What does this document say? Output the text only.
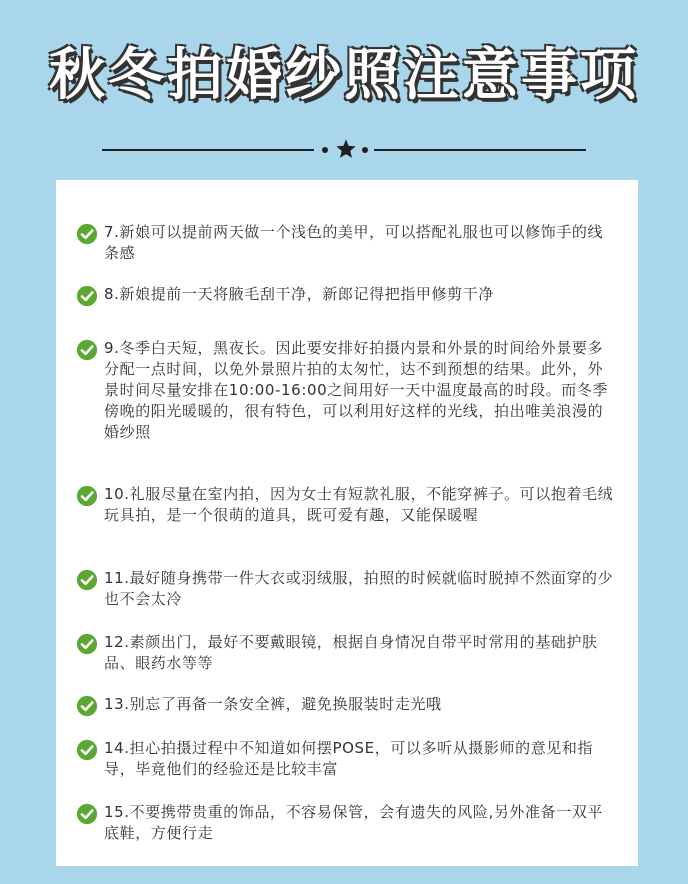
秋冬拍婚纱照注意事项

7.新娘可以提前两天做一个浅色的美甲，可以搭配礼服也可以修饰手的线条感

8.新娘提前一天将腋毛刮干净，新郎记得把指甲修剪干净

9.冬季白天短，黑夜长。因此要安排好拍摄内景和外景的时间给外景要多分配一点时间，以免外景照片拍的太匆忙，达不到预想的结果。此外，外景时间尽量安排在10:00-16:00之间用好一天中温度最高的时段。而冬季傍晚的阳光暖暖的，很有特色，可以利用好这样的光线，拍出唯美浪漫的婚纱照

10.礼服尽量在室内拍，因为女士有短款礼服，不能穿裤子。可以抱着毛绒玩具拍，是一个很萌的道具，既可爱有趣，又能保暖喔

11.最好随身携带一件大衣或羽绒服，拍照的时候就临时脱掉不然面穿的少也不会太冷

12.素颜出门，最好不要戴眼镜，根据自身情况自带平时常用的基础护肤品、眼药水等等

13.别忘了再备一条安全裤，避免换服装时走光哦

14.担心拍摄过程中不知道如何摆POSE，可以多听从摄影师的意见和指导，毕竟他们的经验还是比较丰富

15.不要携带贵重的饰品，不容易保管，会有遗失的风险,另外准备一双平底鞋，方便行走
